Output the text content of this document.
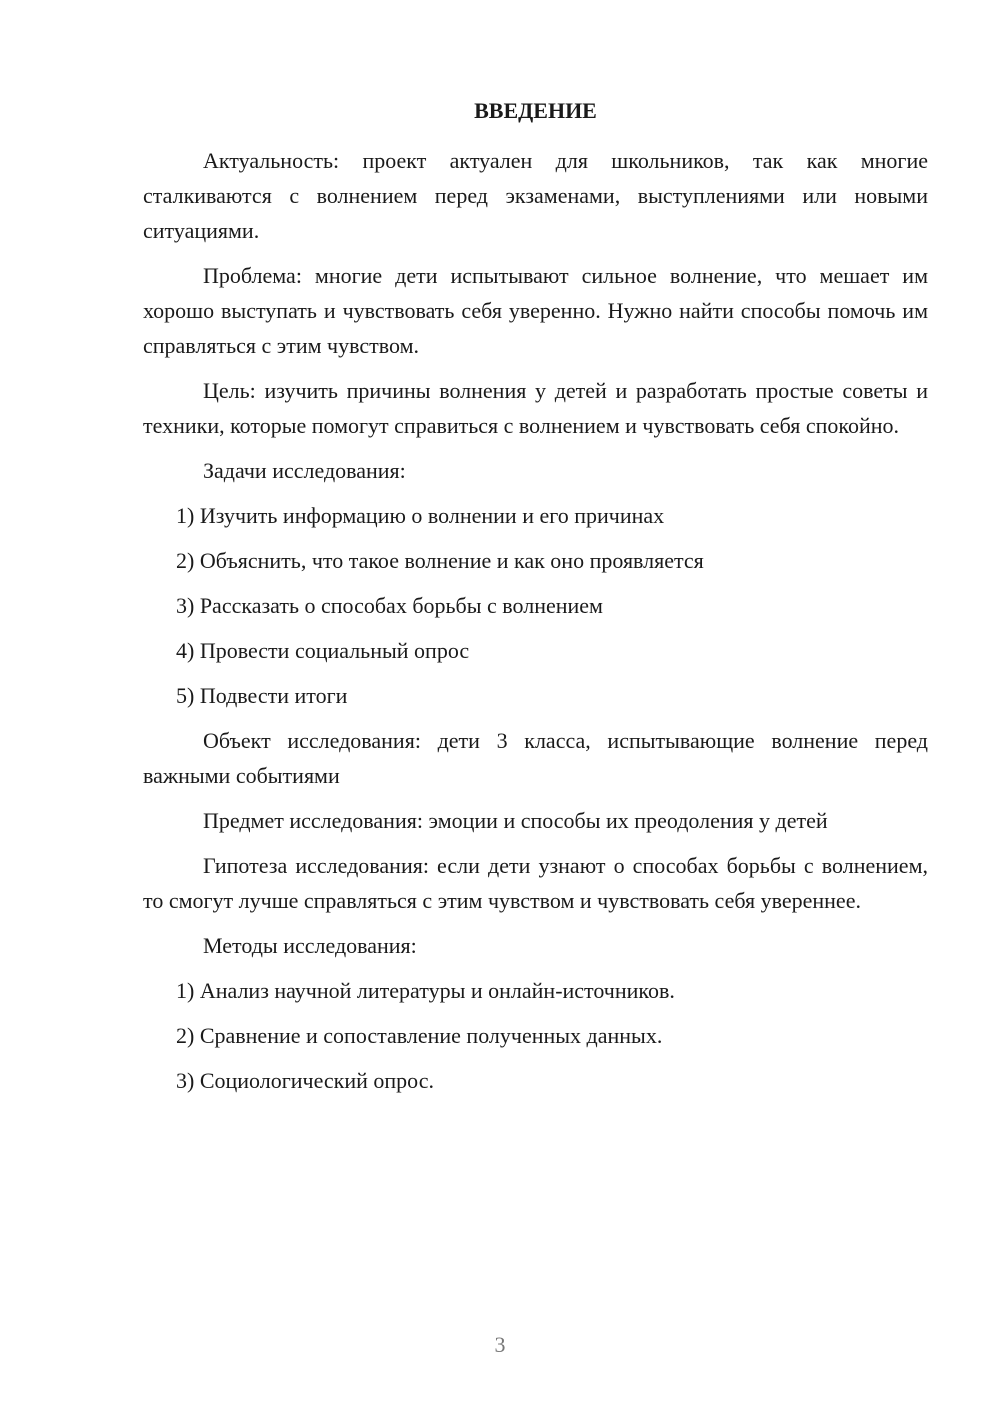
ВВЕДЕНИЕ

Актуальность: проект актуален для школьников, так как многие сталкиваются с волнением перед экзаменами, выступлениями или новыми ситуациями.

Проблема: многие дети испытывают сильное волнение, что мешает им хорошо выступать и чувствовать себя уверенно. Нужно найти способы помочь им справляться с этим чувством.

Цель: изучить причины волнения у детей и разработать простые советы и техники, которые помогут справиться с волнением и чувствовать себя спокойно.

Задачи исследования:

1) Изучить информацию о волнении и его причинах
2) Объяснить, что такое волнение и как оно проявляется
3) Рассказать о способах борьбы с волнением
4) Провести социальный опрос
5) Подвести итоги

Объект исследования: дети 3 класса, испытывающие волнение перед важными событиями

Предмет исследования: эмоции и способы их преодоления у детей

Гипотеза исследования: если дети узнают о способах борьбы с волнением, то смогут лучше справляться с этим чувством и чувствовать себя увереннее.

Методы исследования:

1) Анализ научной литературы и онлайн-источников.
2) Сравнение и сопоставление полученных данных.
3) Социологический опрос.
3
